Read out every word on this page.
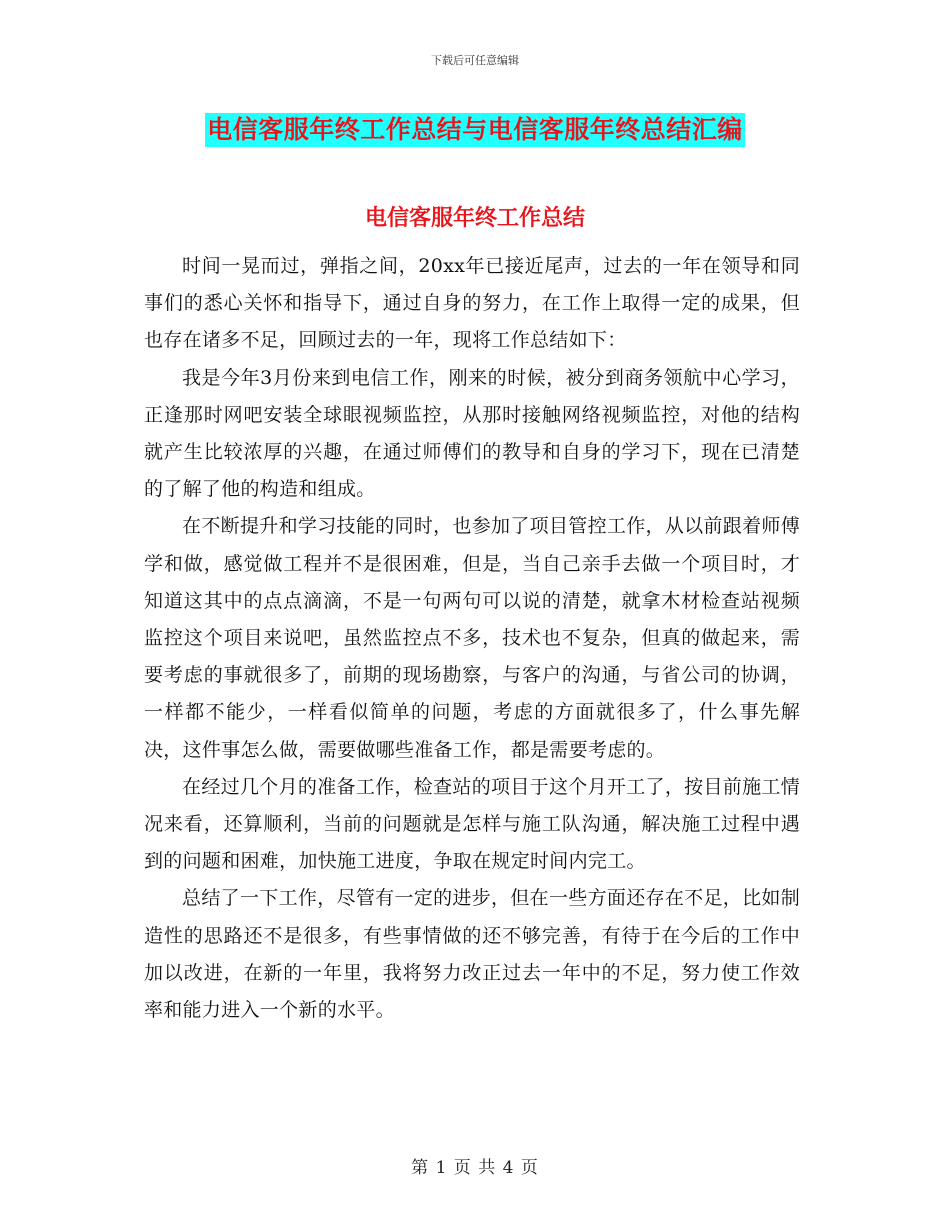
下载后可任意编辑
电信客服年终工作总结与电信客服年终总结汇编
电信客服年终工作总结

时间一晃而过，弹指之间，20xx年已接近尾声，过去的一年在领导和同事们的悉心关怀和指导下，通过自身的努力，在工作上取得一定的成果，但也存在诸多不足，回顾过去的一年，现将工作总结如下：

我是今年3月份来到电信工作，刚来的时候，被分到商务领航中心学习，正逢那时网吧安装全球眼视频监控，从那时接触网络视频监控，对他的结构就产生比较浓厚的兴趣，在通过师傅们的教导和自身的学习下，现在已清楚的了解了他的构造和组成。

在不断提升和学习技能的同时，也参加了项目管控工作，从以前跟着师傅学和做，感觉做工程并不是很困难，但是，当自己亲手去做一个项目时，才知道这其中的点点滴滴，不是一句两句可以说的清楚，就拿木材检查站视频监控这个项目来说吧，虽然监控点不多，技术也不复杂，但真的做起来，需要考虑的事就很多了，前期的现场勘察，与客户的沟通，与省公司的协调，一样都不能少，一样看似简单的问题，考虑的方面就很多了，什么事先解决，这件事怎么做，需要做哪些准备工作，都是需要考虑的。

在经过几个月的准备工作，检查站的项目于这个月开工了，按目前施工情况来看，还算顺利，当前的问题就是怎样与施工队沟通，解决施工过程中遇到的问题和困难，加快施工进度，争取在规定时间内完工。

总结了一下工作，尽管有一定的进步，但在一些方面还存在不足，比如制造性的思路还不是很多，有些事情做的还不够完善，有待于在今后的工作中加以改进，在新的一年里，我将努力改正过去一年中的不足，努力使工作效率和能力进入一个新的水平。

第 1 页 共 4 页
